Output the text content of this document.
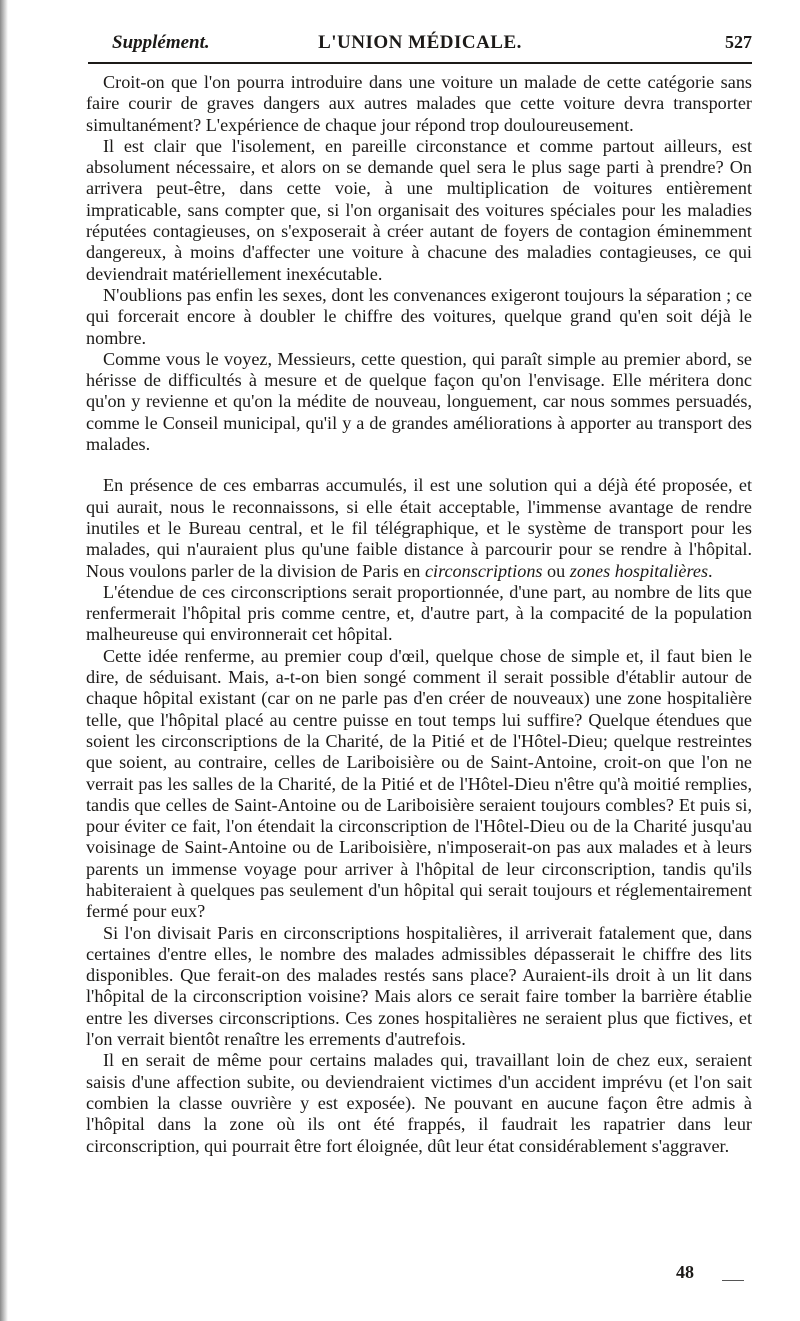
Supplément.	L'UNION MÉDICALE.	527

Croit-on que l'on pourra introduire dans une voiture un malade de cette catégorie sans faire courir de graves dangers aux autres malades que cette voiture devra transporter simultanément? L'expérience de chaque jour répond trop douloureusement.

Il est clair que l'isolement, en pareille circonstance et comme partout ailleurs, est absolument nécessaire, et alors on se demande quel sera le plus sage parti à prendre? On arrivera peut-être, dans cette voie, à une multiplication de voitures entièrement impraticable, sans compter que, si l'on organisait des voitures spéciales pour les maladies réputées contagieuses, on s'exposerait à créer autant de foyers de contagion éminemment dangereux, à moins d'affecter une voiture à chacune des maladies contagieuses, ce qui deviendrait matériellement inexécutable.

N'oublions pas enfin les sexes, dont les convenances exigeront toujours la séparation ; ce qui forcerait encore à doubler le chiffre des voitures, quelque grand qu'en soit déjà le nombre.

Comme vous le voyez, Messieurs, cette question, qui paraît simple au premier abord, se hérisse de difficultés à mesure et de quelque façon qu'on l'envisage. Elle méritera donc qu'on y revienne et qu'on la médite de nouveau, longuement, car nous sommes persuadés, comme le Conseil municipal, qu'il y a de grandes améliorations à apporter au transport des malades.

En présence de ces embarras accumulés, il est une solution qui a déjà été proposée, et qui aurait, nous le reconnaissons, si elle était acceptable, l'immense avantage de rendre inutiles et le Bureau central, et le fil télégraphique, et le système de transport pour les malades, qui n'auraient plus qu'une faible distance à parcourir pour se rendre à l'hôpital. Nous voulons parler de la division de Paris en circonscriptions ou zones hospitalières.

L'étendue de ces circonscriptions serait proportionnée, d'une part, au nombre de lits que renfermerait l'hôpital pris comme centre, et, d'autre part, à la compacité de la population malheureuse qui environnerait cet hôpital.

Cette idée renferme, au premier coup d'œil, quelque chose de simple et, il faut bien le dire, de séduisant. Mais, a-t-on bien songé comment il serait possible d'établir autour de chaque hôpital existant (car on ne parle pas d'en créer de nouveaux) une zone hospitalière telle, que l'hôpital placé au centre puisse en tout temps lui suffire? Quelque étendues que soient les circonscriptions de la Charité, de la Pitié et de l'Hôtel-Dieu; quelque restreintes que soient, au contraire, celles de Lariboisière ou de Saint-Antoine, croit-on que l'on ne verrait pas les salles de la Charité, de la Pitié et de l'Hôtel-Dieu n'être qu'à moitié remplies, tandis que celles de Saint-Antoine ou de Lariboisière seraient toujours combles? Et puis si, pour éviter ce fait, l'on étendait la circonscription de l'Hôtel-Dieu ou de la Charité jusqu'au voisinage de Saint-Antoine ou de Lariboisière, n'imposerait-on pas aux malades et à leurs parents un immense voyage pour arriver à l'hôpital de leur circonscription, tandis qu'ils habiteraient à quelques pas seulement d'un hôpital qui serait toujours et réglementairement fermé pour eux?

Si l'on divisait Paris en circonscriptions hospitalières, il arriverait fatalement que, dans certaines d'entre elles, le nombre des malades admissibles dépasserait le chiffre des lits disponibles. Que ferait-on des malades restés sans place? Auraient-ils droit à un lit dans l'hôpital de la circonscription voisine? Mais alors ce serait faire tomber la barrière établie entre les diverses circonscriptions. Ces zones hospitalières ne seraient plus que fictives, et l'on verrait bientôt renaître les errements d'autrefois.

Il en serait de même pour certains malades qui, travaillant loin de chez eux, seraient saisis d'une affection subite, ou deviendraient victimes d'un accident imprévu (et l'on sait combien la classe ouvrière y est exposée). Ne pouvant en aucune façon être admis à l'hôpital dans la zone où ils ont été frappés, il faudrait les rapatrier dans leur circonscription, qui pourrait être fort éloignée, dût leur état considérablement s'aggraver.

48
